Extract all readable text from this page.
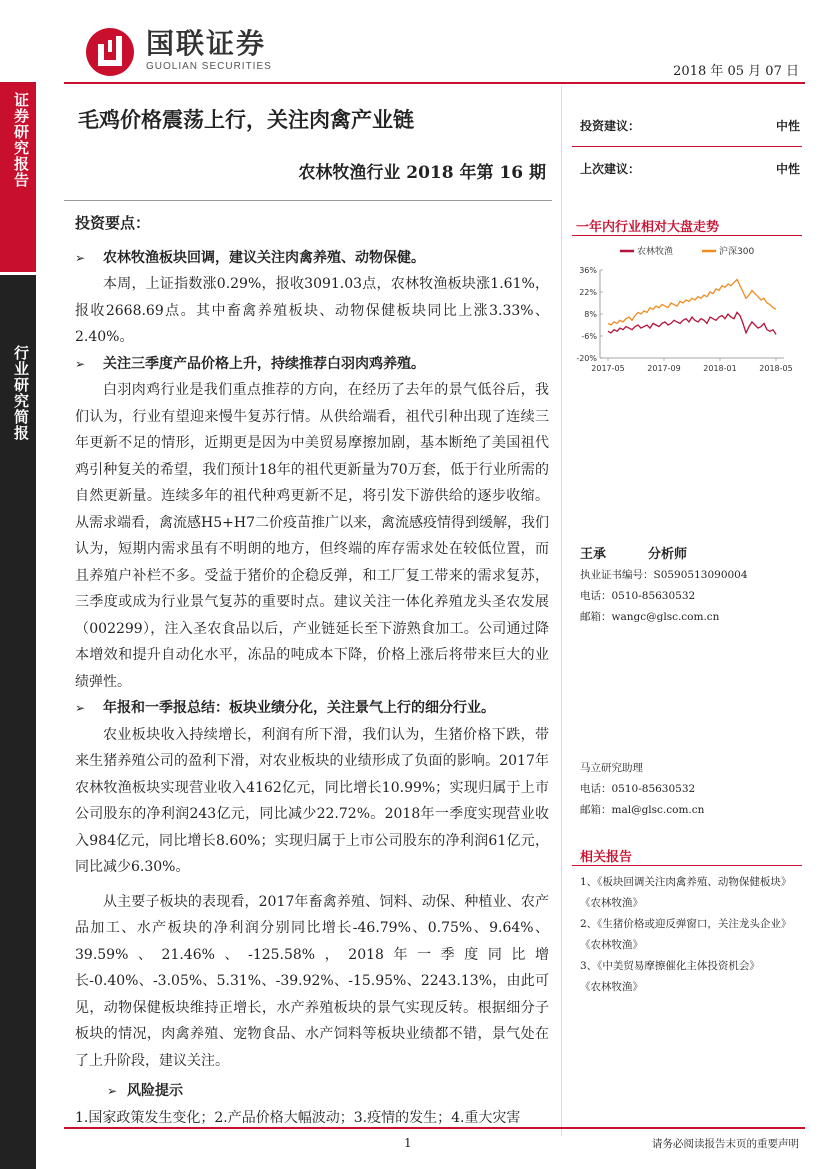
证券研究报告
行业研究简报
国联证券
GUOLIAN SECURITIES	2018 年 05 月 07 日
毛鸡价格震荡上行，关注肉禽产业链
农林牧渔行业 2018 年第 16 期
投资建议：	中性
上次建议：	中性
投资要点：
➢	农林牧渔板块回调，建议关注肉禽养殖、动物保健。

本周，上证指数涨0.29%，报收3091.03点，农林牧渔板块涨1.61%，报收2668.69点。其中畜禽养殖板块、动物保健板块同比上涨3.33%、2.40%。

➢	关注三季度产品价格上升，持续推荐白羽肉鸡养殖。

白羽肉鸡行业是我们重点推荐的方向，在经历了去年的景气低谷后，我们认为，行业有望迎来慢牛复苏行情。从供给端看，祖代引种出现了连续三年更新不足的情形，近期更是因为中美贸易摩擦加剧，基本断绝了美国祖代鸡引种复关的希望，我们预计18年的祖代更新量为70万套，低于行业所需的自然更新量。连续多年的祖代种鸡更新不足，将引发下游供给的逐步收缩。从需求端看，禽流感H5+H7二价疫苗推广以来，禽流感疫情得到缓解，我们认为，短期内需求虽有不明朗的地方，但终端的库存需求处在较低位置，而且养殖户补栏不多。受益于猪价的企稳反弹，和工厂复工带来的需求复苏，三季度或成为行业景气复苏的重要时点。建议关注一体化养殖龙头圣农发展（002299），注入圣农食品以后，产业链延长至下游熟食加工。公司通过降本增效和提升自动化水平，冻品的吨成本下降，价格上涨后将带来巨大的业绩弹性。

➢	年报和一季报总结：板块业绩分化，关注景气上行的细分行业。

农业板块收入持续增长，利润有所下滑，我们认为，生猪价格下跌，带来生猪养殖公司的盈利下滑，对农业板块的业绩形成了负面的影响。2017年农林牧渔板块实现营业收入4162亿元，同比增长10.99%；实现归属于上市公司股东的净利润243亿元，同比减少22.72%。2018年一季度实现营业收入984亿元，同比增长8.60%；实现归属于上市公司股东的净利润61亿元，同比减少6.30%。

从主要子板块的表现看，2017年畜禽养殖、饲料、动保、种植业、农产品加工、水产板块的净利润分别同比增长-46.79%、0.75%、9.64%、39.59%、21.46%、-125.58%，2018年一季度同比增长-0.40%、-3.05%、5.31%、-39.92%、-15.95%、2243.13%，由此可见，动物保健板块维持正增长，水产养殖板块的景气实现反转。根据细分子板块的情况，肉禽养殖、宠物食品、水产饲料等板块业绩都不错，景气处在了上升阶段，建议关注。

➢ 风险提示

1.国家政策发生变化；2.产品价格大幅波动；3.疫情的发生；4.重大灾害

一年内行业相对大盘走势
农林牧渔	沪深300
36%
22%
8%
-6%
-20%
2017-05	2017-09	2018-01	2018-05
王承	分析师
执业证书编号：S0590513090004
电话：0510-85630532
邮箱：wangc@glsc.com.cn
马立研究助理
电话：0510-85630532
邮箱：mal@glsc.com.cn
相关报告
1、《板块回调关注肉禽养殖、动物保健板块》
《农林牧渔》
2、《生猪价格或迎反弹窗口，关注龙头企业》
《农林牧渔》
3、《中美贸易摩擦催化主体投资机会》
《农林牧渔》
1	请务必阅读报告末页的重要声明
